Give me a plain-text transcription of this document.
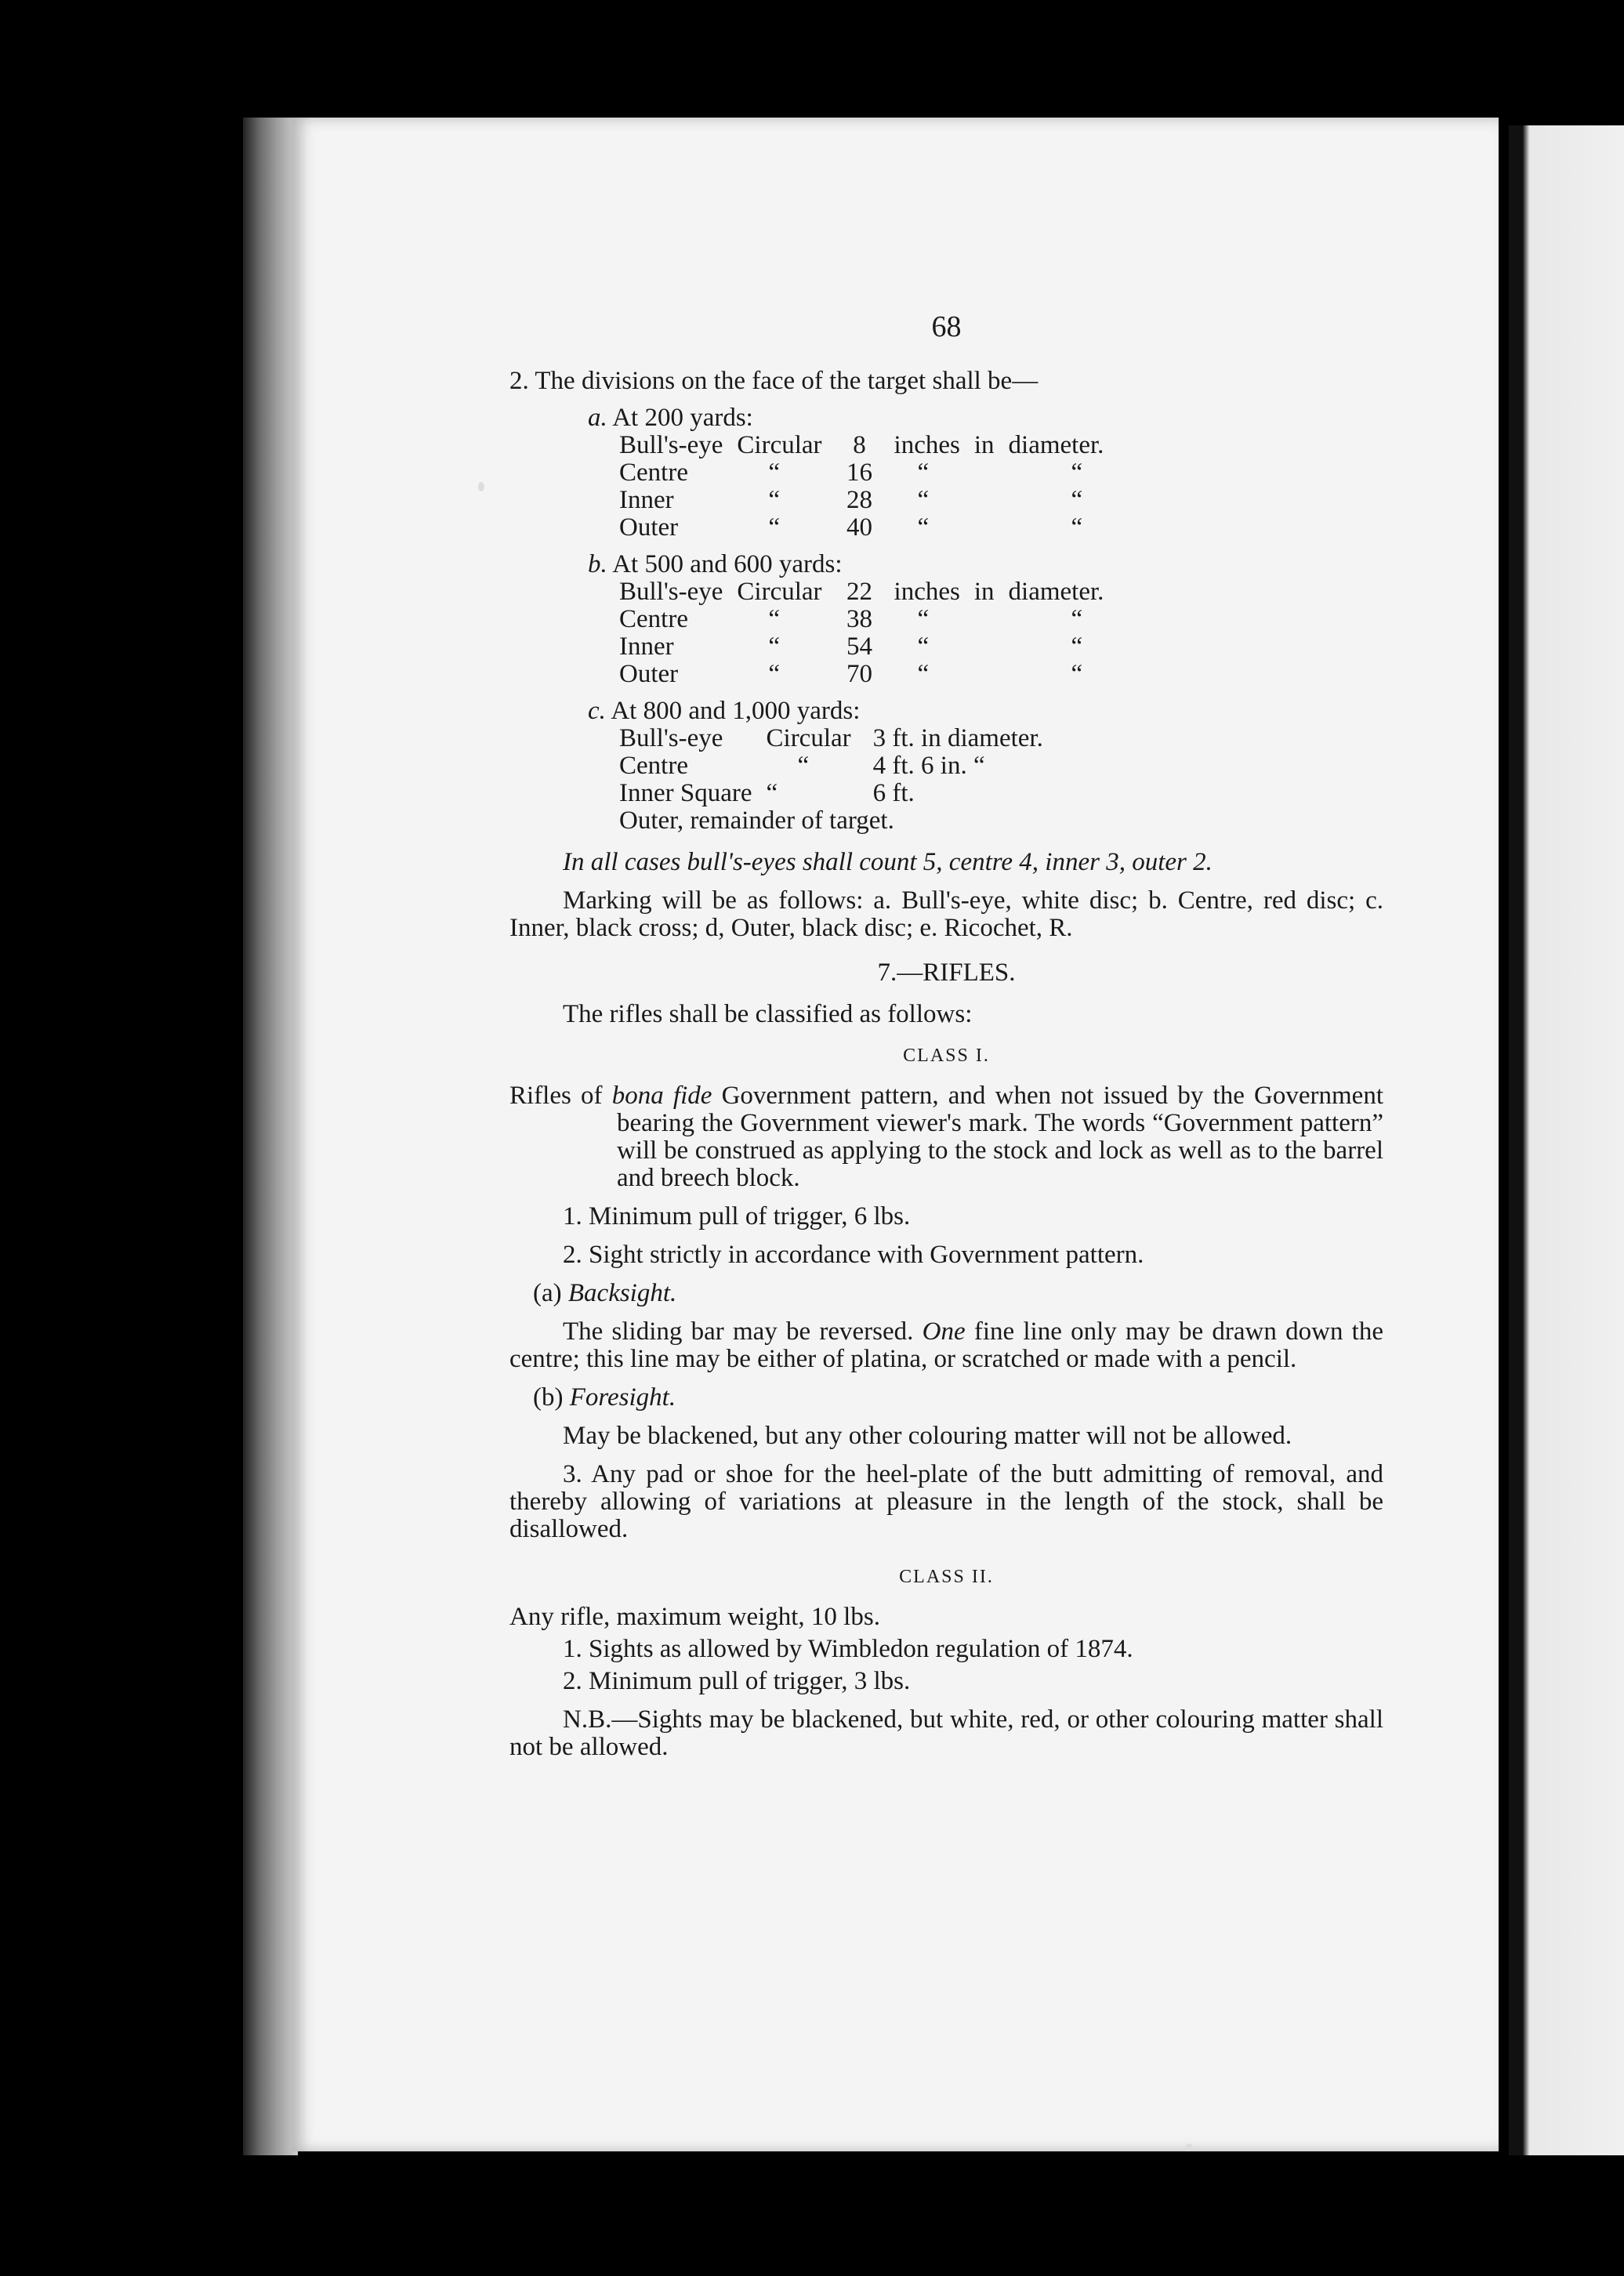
68

2. The divisions on the face of the target shall be—

a. At 200 yards:

Bull's-eye	Circular	8	inches	in	diameter.
Centre	“	16	“		“
Inner	“	28	“		“
Outer	“	40	“		“

b. At 500 and 600 yards:

Bull's-eye	Circular	22	inches	in	diameter.
Centre	“	38	“		“
Inner	“	54	“		“
Outer	“	70	“		“

c. At 800 and 1,000 yards:

Bull's-eye	Circular	3 ft. in diameter.
Centre	“	4 ft. 6 in. “
Inner Square	“	6 ft.
Outer, remainder of target.		

In all cases bull's-eyes shall count 5, centre 4, inner 3, outer 2.

Marking will be as follows: a. Bull's-eye, white disc; b. Centre, red disc; c. Inner, black cross; d, Outer, black disc; e. Ricochet, R.

7.—RIFLES.

The rifles shall be classified as follows:

CLASS I.

Rifles of bona fide Government pattern, and when not issued by the Government bearing the Government viewer's mark. The words “Government pattern” will be construed as applying to the stock and lock as well as to the barrel and breech block.

1. Minimum pull of trigger, 6 lbs.

2. Sight strictly in accordance with Government pattern.

(a) Backsight.

The sliding bar may be reversed. One fine line only may be drawn down the centre; this line may be either of platina, or scratched or made with a pencil.

(b) Foresight.

May be blackened, but any other colouring matter will not be allowed.

3. Any pad or shoe for the heel-plate of the butt admitting of removal, and thereby allowing of variations at pleasure in the length of the stock, shall be disallowed.

CLASS II.

Any rifle, maximum weight, 10 lbs.

1. Sights as allowed by Wimbledon regulation of 1874.

2. Minimum pull of trigger, 3 lbs.

N.B.—Sights may be blackened, but white, red, or other colouring matter shall not be allowed.
